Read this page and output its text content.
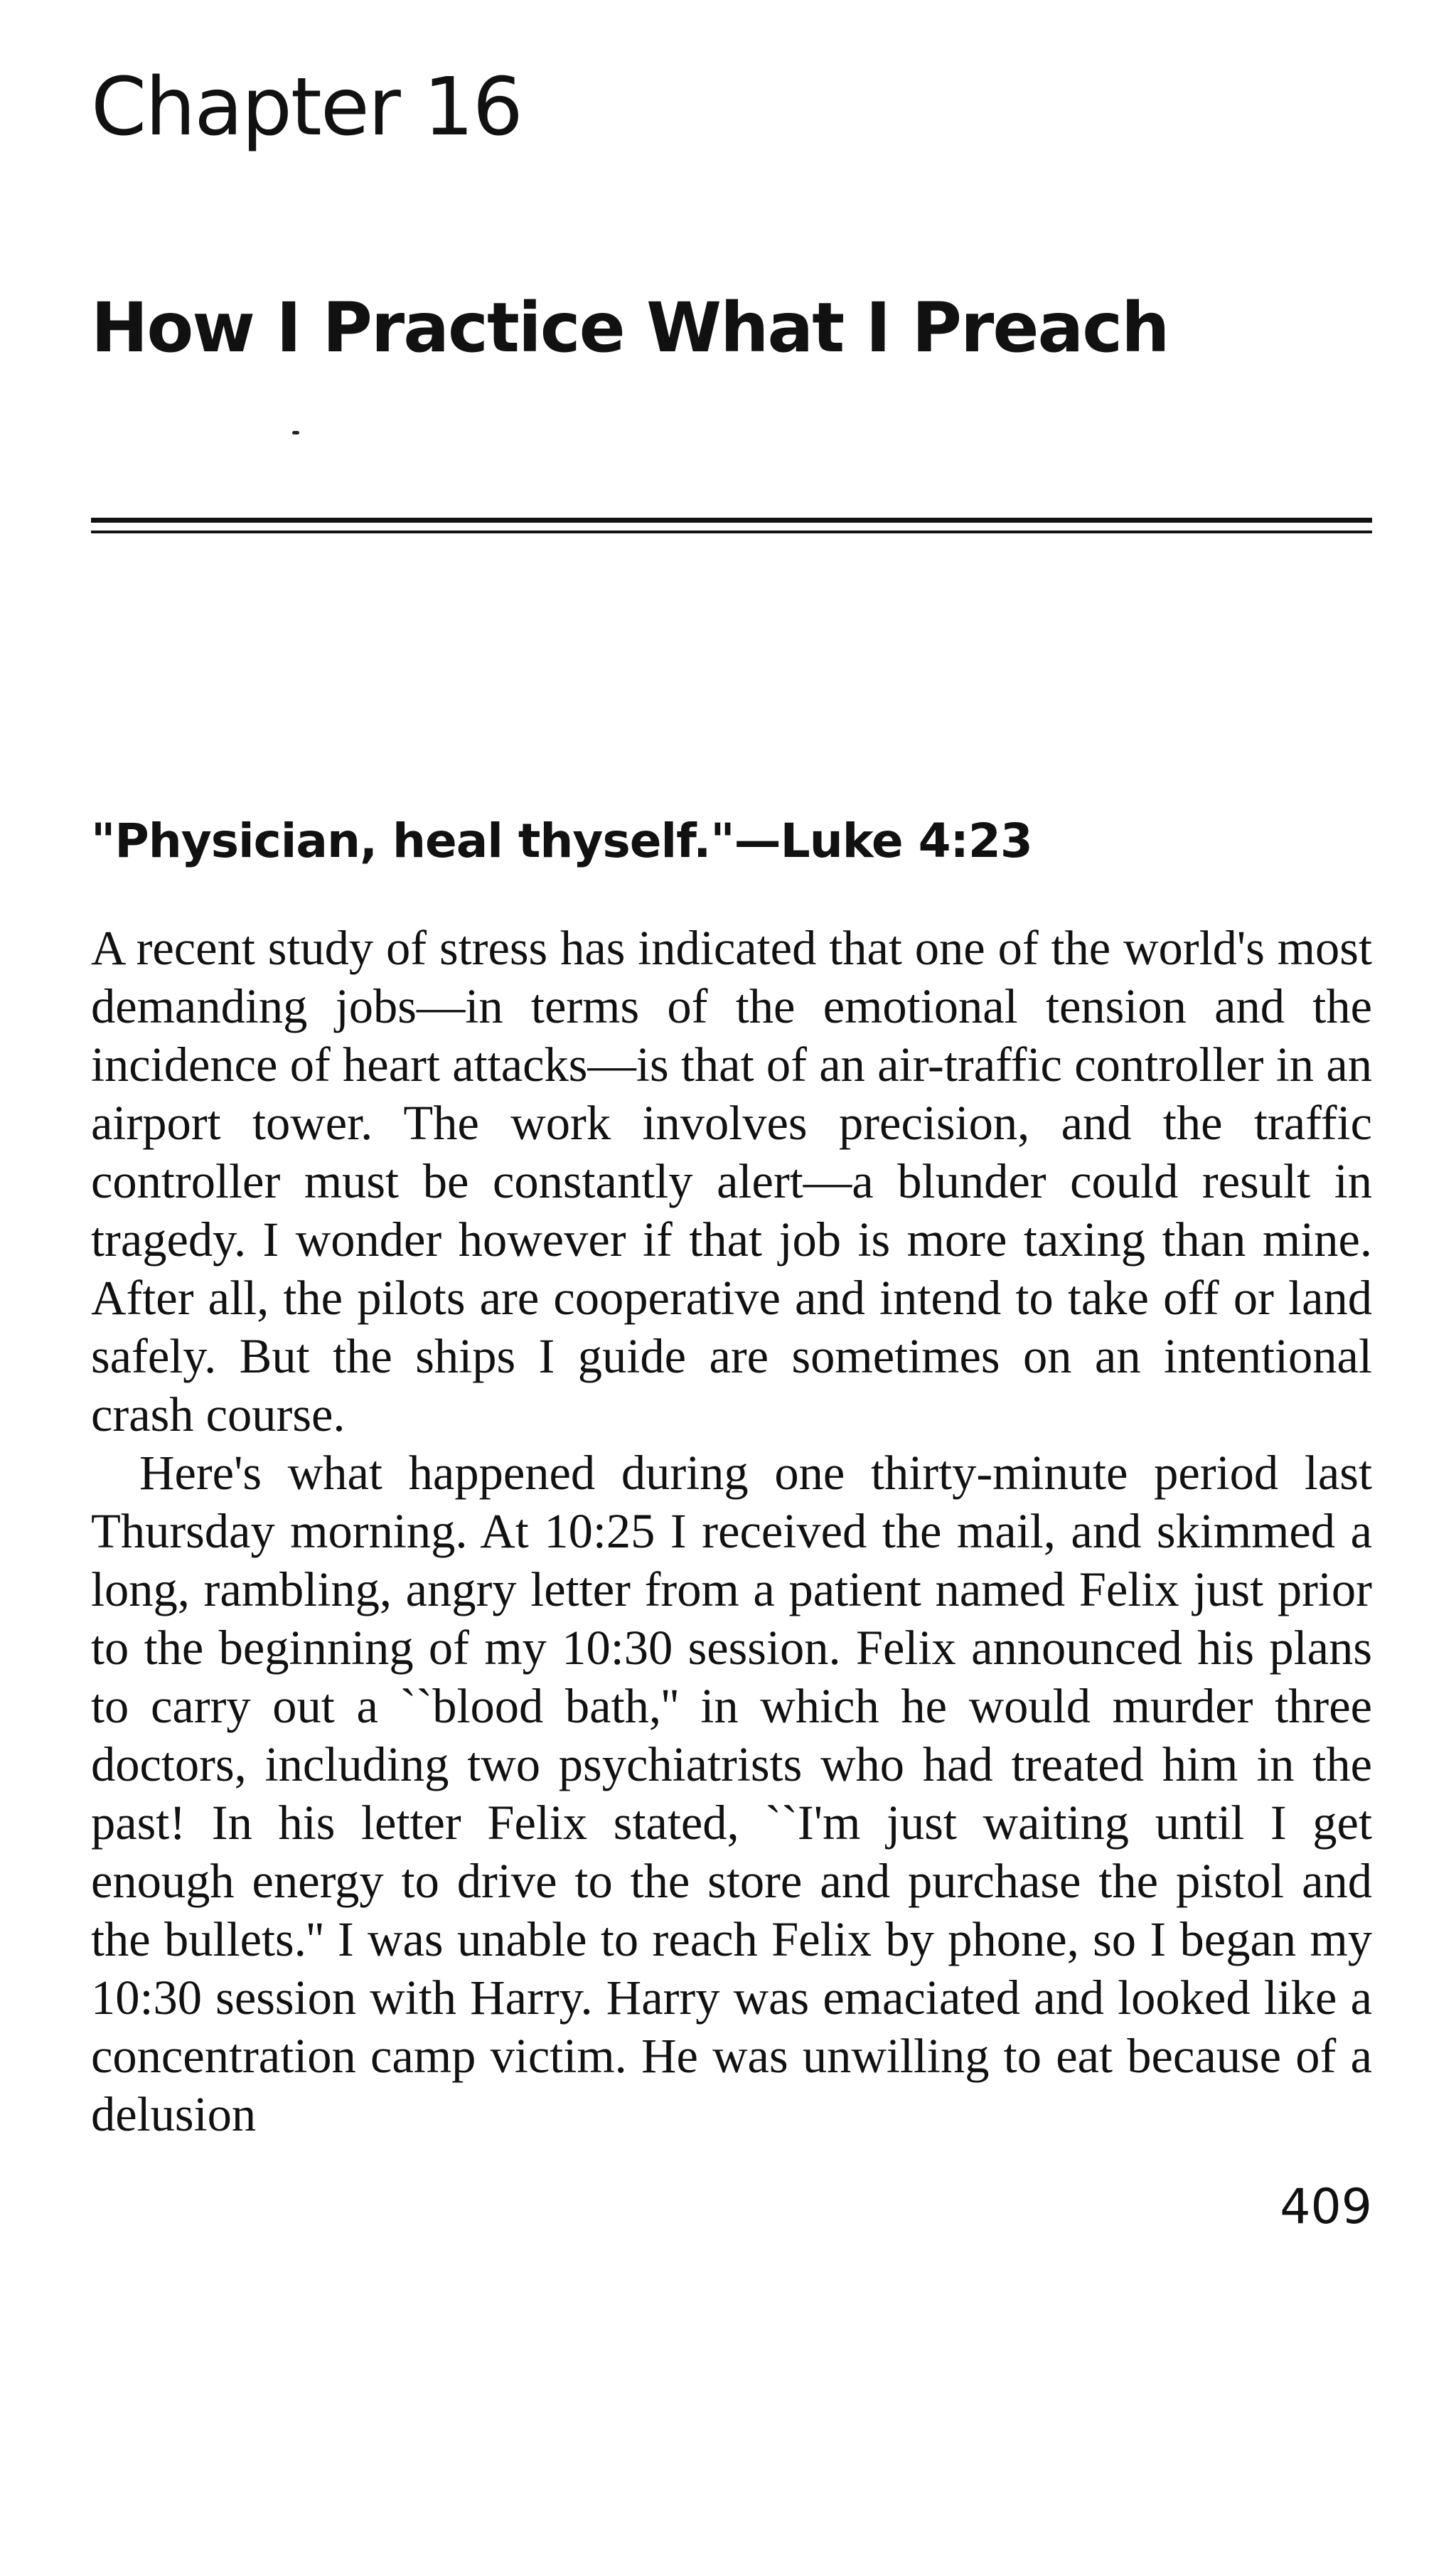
Chapter 16
How I Practice What I Preach
"Physician, heal thyself."—Luke 4:23

A recent study of stress has indicated that one of the world's most demanding jobs—in terms of the emotional tension and the incidence of heart attacks—is that of an air-traffic controller in an airport tower. The work involves precision, and the traffic controller must be constantly alert—a blunder could result in tragedy. I wonder however if that job is more taxing than mine. After all, the pilots are cooperative and intend to take off or land safely. But the ships I guide are sometimes on an intentional crash course.

Here's what happened during one thirty-minute period last Thursday morning. At 10:25 I received the mail, and skimmed a long, rambling, angry letter from a patient named Felix just prior to the beginning of my 10:30 session. Felix announced his plans to carry out a ``blood bath,'' in which he would murder three doctors, including two psychiatrists who had treated him in the past! In his letter Felix stated, ``I'm just waiting until I get enough energy to drive to the store and purchase the pistol and the bullets.'' I was unable to reach Felix by phone, so I began my 10:30 session with Harry. Harry was emaciated and looked like a concentration camp victim. He was unwilling to eat because of a delusion

409
